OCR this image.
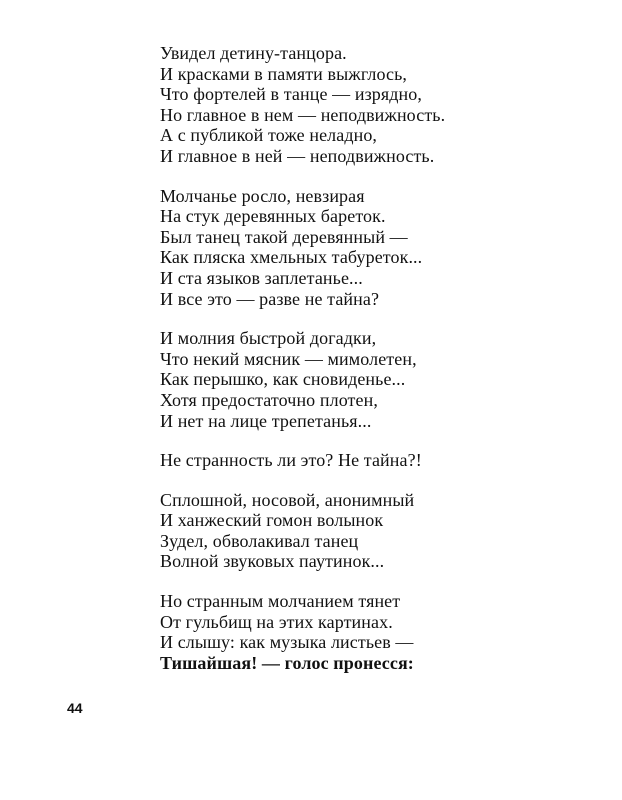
Увидел детину-танцора.
И красками в памяти выжглось,
Что фортелей в танце — изрядно,
Но главное в нем — неподвижность.
А с публикой тоже неладно,
И главное в ней — неподвижность.
Молчанье росло, невзирая
На стук деревянных бареток.
Был танец такой деревянный —
Как пляска хмельных табуреток...
И ста языков заплетанье...
И все это — разве не тайна?
И молния быстрой догадки,
Что некий мясник — мимолетен,
Как перышко, как сновиденье...
Хотя предостаточно плотен,
И нет на лице трепетанья...
Не странность ли это? Не тайна?!
Сплошной, носовой, анонимный
И ханжеский гомон волынок
Зудел, обволакивал танец
Волной звуковых паутинок...
Но странным молчанием тянет
От гульбищ на этих картинах.
И слышу: как музыка листьев —
Тишайшая! — голос пронесся:
44
